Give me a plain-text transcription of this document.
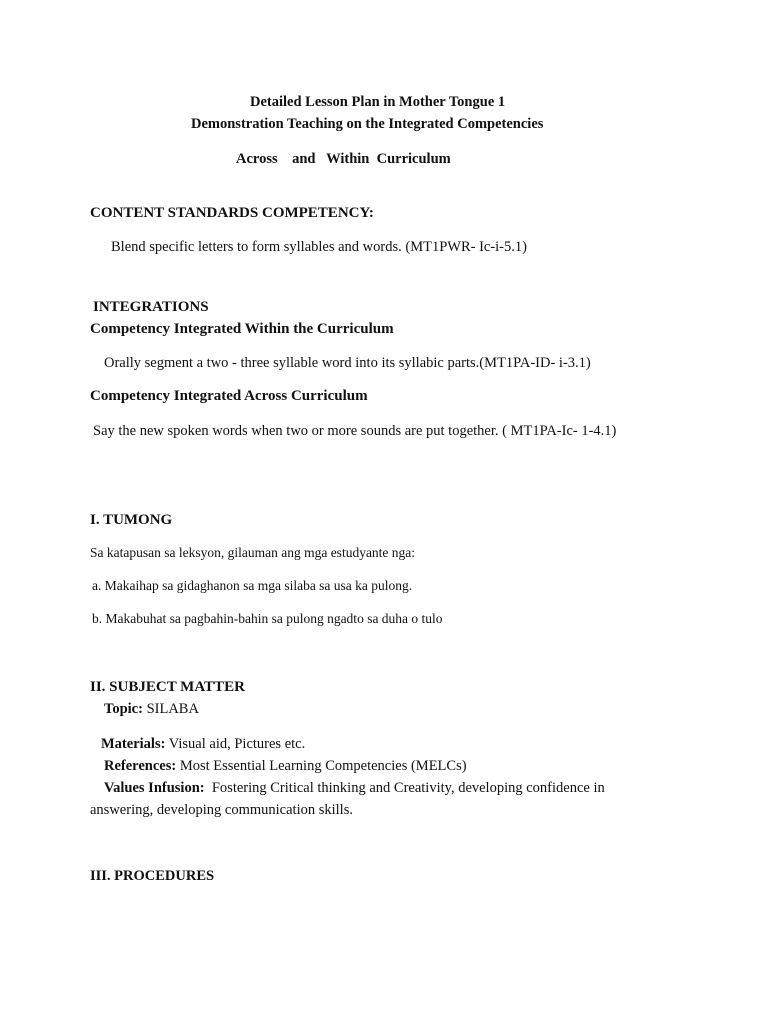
Detailed Lesson Plan in Mother Tongue 1
Demonstration Teaching on the Integrated Competencies
Across    and   Within  Curriculum
CONTENT STANDARDS COMPETENCY:
Blend specific letters to form syllables and words. (MT1PWR- Ic-i-5.1)
INTEGRATIONS
Competency Integrated Within the Curriculum
Orally segment a two - three syllable word into its syllabic parts.(MT1PA-ID- i-3.1)
Competency Integrated Across Curriculum
Say the new spoken words when two or more sounds are put together. ( MT1PA-Ic- 1-4.1)
I. TUMONG
Sa katapusan sa leksyon, gilauman ang mga estudyante nga:
a. Makaihap sa gidaghanon sa mga silaba sa usa ka pulong.
b. Makabuhat sa pagbahin-bahin sa pulong ngadto sa duha o tulo
II. SUBJECT MATTER
Topic: SILABA
Materials: Visual aid, Pictures etc.
References: Most Essential Learning Competencies (MELCs)
Values Infusion:  Fostering Critical thinking and Creativity, developing confidence in
answering, developing communication skills.
III. PROCEDURES
